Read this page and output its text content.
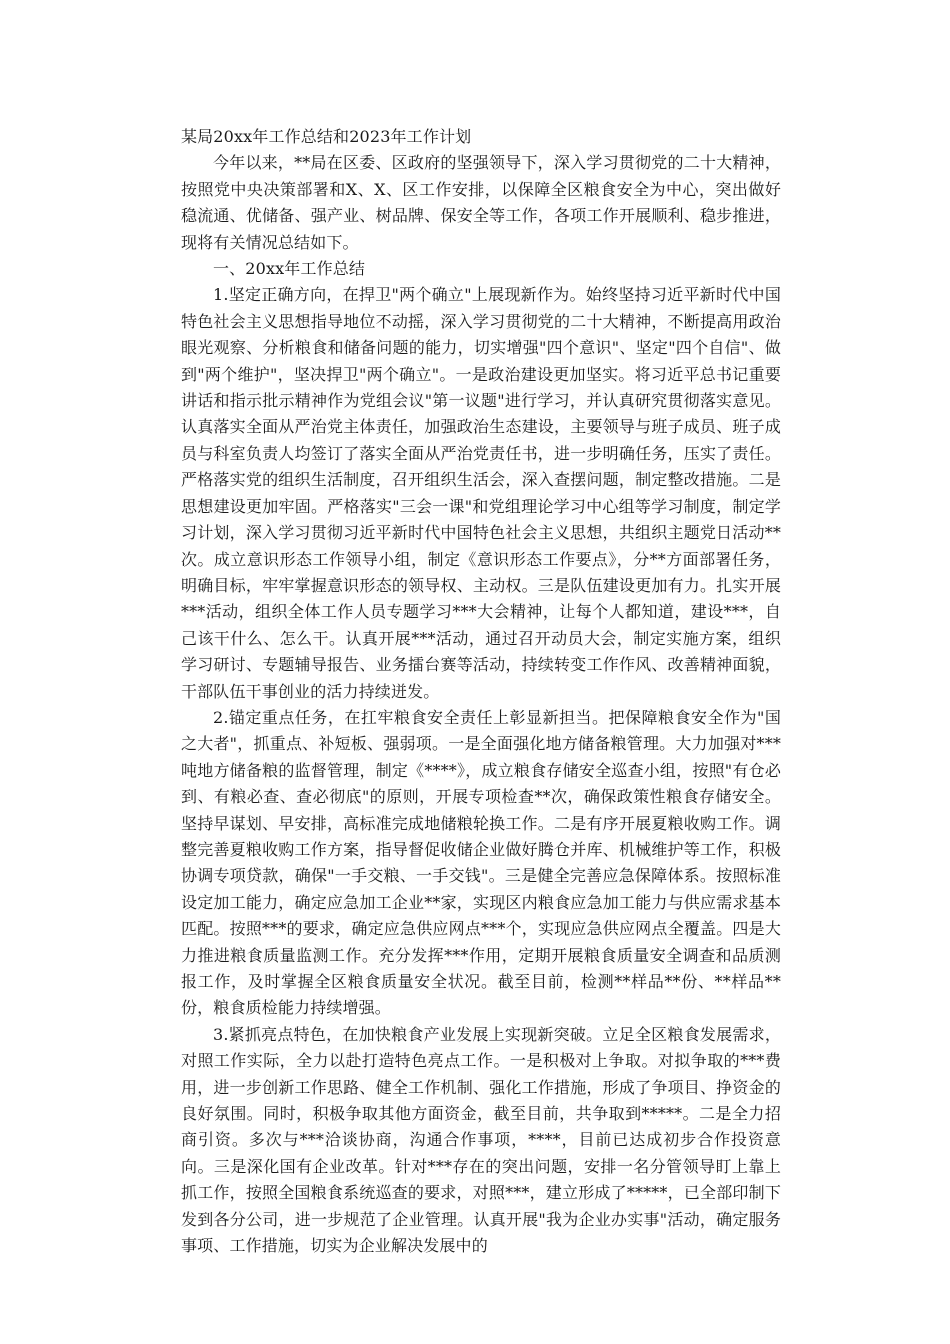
某局20xx年工作总结和2023年工作计划

今年以来，**局在区委、区政府的坚强领导下，深入学习贯彻党的二十大精神，按照党中央决策部署和X、X、区工作安排，以保障全区粮食安全为中心，突出做好稳流通、优储备、强产业、树品牌、保安全等工作，各项工作开展顺利、稳步推进，现将有关情况总结如下。

一、20xx年工作总结

1.坚定正确方向，在捍卫"两个确立"上展现新作为。始终坚持习近平新时代中国特色社会主义思想指导地位不动摇，深入学习贯彻党的二十大精神，不断提高用政治眼光观察、分析粮食和储备问题的能力，切实增强"四个意识"、坚定"四个自信"、做到"两个维护"，坚决捍卫"两个确立"。一是政治建设更加坚实。将习近平总书记重要讲话和指示批示精神作为党组会议"第一议题"进行学习，并认真研究贯彻落实意见。认真落实全面从严治党主体责任，加强政治生态建设，主要领导与班子成员、班子成员与科室负责人均签订了落实全面从严治党责任书，进一步明确任务，压实了责任。严格落实党的组织生活制度，召开组织生活会，深入查摆问题，制定整改措施。二是思想建设更加牢固。严格落实"三会一课"和党组理论学习中心组等学习制度，制定学习计划，深入学习贯彻习近平新时代中国特色社会主义思想，共组织主题党日活动**次。成立意识形态工作领导小组，制定《意识形态工作要点》，分**方面部署任务，明确目标，牢牢掌握意识形态的领导权、主动权。三是队伍建设更加有力。扎实开展***活动，组织全体工作人员专题学习***大会精神，让每个人都知道，建设***，自己该干什么、怎么干。认真开展***活动，通过召开动员大会，制定实施方案，组织学习研讨、专题辅导报告、业务擂台赛等活动，持续转变工作作风、改善精神面貌，干部队伍干事创业的活力持续迸发。

2.锚定重点任务，在扛牢粮食安全责任上彰显新担当。把保障粮食安全作为"国之大者"，抓重点、补短板、强弱项。一是全面强化地方储备粮管理。大力加强对***吨地方储备粮的监督管理，制定《****》，成立粮食存储安全巡查小组，按照"有仓必到、有粮必查、查必彻底"的原则，开展专项检查**次，确保政策性粮食存储安全。坚持早谋划、早安排，高标准完成地储粮轮换工作。二是有序开展夏粮收购工作。调整完善夏粮收购工作方案，指导督促收储企业做好腾仓并库、机械维护等工作，积极协调专项贷款，确保"一手交粮、一手交钱"。三是健全完善应急保障体系。按照标准设定加工能力，确定应急加工企业**家，实现区内粮食应急加工能力与供应需求基本匹配。按照***的要求，确定应急供应网点***个，实现应急供应网点全覆盖。四是大力推进粮食质量监测工作。充分发挥***作用，定期开展粮食质量安全调查和品质测报工作，及时掌握全区粮食质量安全状况。截至目前，检测**样品**份、**样品**份，粮食质检能力持续增强。

3.紧抓亮点特色，在加快粮食产业发展上实现新突破。立足全区粮食发展需求，对照工作实际，全力以赴打造特色亮点工作。一是积极对上争取。对拟争取的***费用，进一步创新工作思路、健全工作机制、强化工作措施，形成了争项目、挣资金的良好氛围。同时，积极争取其他方面资金，截至目前，共争取到*****。二是全力招商引资。多次与***洽谈协商，沟通合作事项，****，目前已达成初步合作投资意向。三是深化国有企业改革。针对***存在的突出问题，安排一名分管领导盯上靠上抓工作，按照全国粮食系统巡查的要求，对照***，建立形成了*****，已全部印制下发到各分公司，进一步规范了企业管理。认真开展"我为企业办实事"活动，确定服务事项、工作措施，切实为企业解决发展中的
